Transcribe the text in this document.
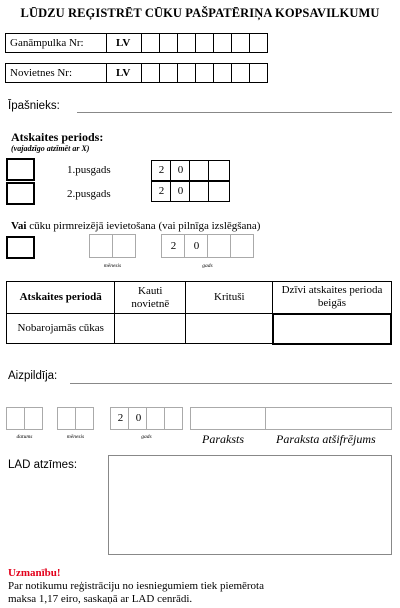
LŪDZU REĢISTRĒT CŪKU PAŠPATĒRIŅA KOPSAVILKUMU
Ganāmpulka Nr:	LV
Novietnes Nr:	LV
Īpašnieks:
Atskaites periods:
(vajadzīgo atzīmēt ar X)
1.pusgads	2	0
2.pusgads	2	0
Vai cūku pirmreizējā ievietošana (vai pilnīga izslēgšana)
mēnesis
2	0
gads
Atskaites periodā	Kauti novietnē	Krituši	Dzīvi atskaites perioda beigās
Nobarojamās cūkas			
Aizpildīja:
datums	mēnesis
2	0
gads	Paraksts	Paraksta atšifrējums
LAD atzīmes:
Uzmanību!
Par notikumu reģistrāciju no iesniegumiem tiek piemērota
maksa 1,17 eiro, saskaņā ar LAD cenrādi.
